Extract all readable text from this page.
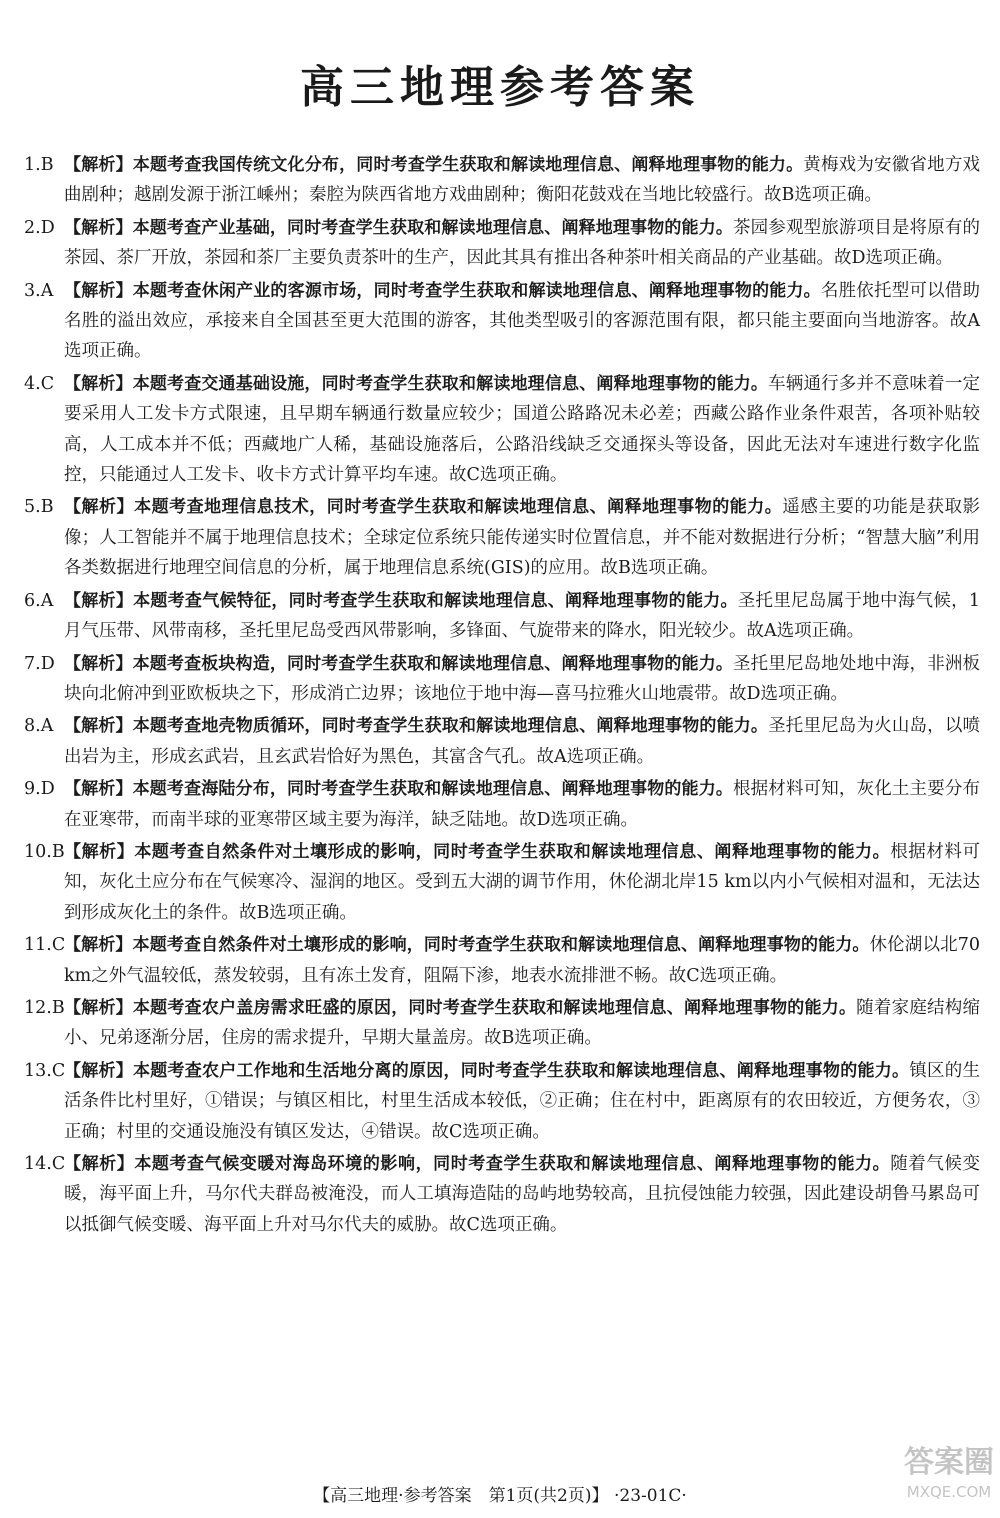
高三地理参考答案
1.B 【解析】本题考查我国传统文化分布，同时考查学生获取和解读地理信息、阐释地理事物的能力。黄梅戏为安徽省地方戏曲剧种；越剧发源于浙江嵊州；秦腔为陕西省地方戏曲剧种；衡阳花鼓戏在当地比较盛行。故B选项正确。
2.D 【解析】本题考查产业基础，同时考查学生获取和解读地理信息、阐释地理事物的能力。茶园参观型旅游项目是将原有的茶园、茶厂开放，茶园和茶厂主要负责茶叶的生产，因此其具有推出各种茶叶相关商品的产业基础。故D选项正确。
3.A 【解析】本题考查休闲产业的客源市场，同时考查学生获取和解读地理信息、阐释地理事物的能力。名胜依托型可以借助名胜的溢出效应，承接来自全国甚至更大范围的游客，其他类型吸引的客源范围有限，都只能主要面向当地游客。故A选项正确。
4.C 【解析】本题考查交通基础设施，同时考查学生获取和解读地理信息、阐释地理事物的能力。车辆通行多并不意味着一定要采用人工发卡方式限速，且早期车辆通行数量应较少；国道公路路况未必差；西藏公路作业条件艰苦，各项补贴较高，人工成本并不低；西藏地广人稀，基础设施落后，公路沿线缺乏交通探头等设备，因此无法对车速进行数字化监控，只能通过人工发卡、收卡方式计算平均车速。故C选项正确。
5.B 【解析】本题考查地理信息技术，同时考查学生获取和解读地理信息、阐释地理事物的能力。遥感主要的功能是获取影像；人工智能并不属于地理信息技术；全球定位系统只能传递实时位置信息，并不能对数据进行分析；“智慧大脑”利用各类数据进行地理空间信息的分析，属于地理信息系统(GIS)的应用。故B选项正确。
6.A 【解析】本题考查气候特征，同时考查学生获取和解读地理信息、阐释地理事物的能力。圣托里尼岛属于地中海气候，1月气压带、风带南移，圣托里尼岛受西风带影响，多锋面、气旋带来的降水，阳光较少。故A选项正确。
7.D 【解析】本题考查板块构造，同时考查学生获取和解读地理信息、阐释地理事物的能力。圣托里尼岛地处地中海，非洲板块向北俯冲到亚欧板块之下，形成消亡边界；该地位于地中海—喜马拉雅火山地震带。故D选项正确。
8.A 【解析】本题考查地壳物质循环，同时考查学生获取和解读地理信息、阐释地理事物的能力。圣托里尼岛为火山岛，以喷出岩为主，形成玄武岩，且玄武岩恰好为黑色，其富含气孔。故A选项正确。
9.D 【解析】本题考查海陆分布，同时考查学生获取和解读地理信息、阐释地理事物的能力。根据材料可知，灰化土主要分布在亚寒带，而南半球的亚寒带区域主要为海洋，缺乏陆地。故D选项正确。
10.B 【解析】本题考查自然条件对土壤形成的影响，同时考查学生获取和解读地理信息、阐释地理事物的能力。根据材料可知，灰化土应分布在气候寒冷、湿润的地区。受到五大湖的调节作用，休伦湖北岸15 km以内小气候相对温和，无法达到形成灰化土的条件。故B选项正确。
11.C
【解析】本题考查自然条件对土壤形成的影响，同时考查学生获取和解读地理信息、阐释地理事物的能力。休伦湖以北70 km之外气温较低，蒸发较弱，且有冻土发育，阻隔下渗，地表水流排泄不畅。故C选项正确。
12.B 【解析】本题考查农户盖房需求旺盛的原因，同时考查学生获取和解读地理信息、阐释地理事物的能力。随着家庭结构缩小、兄弟逐渐分居，住房的需求提升，早期大量盖房。故B选项正确。
13.C
【解析】本题考查农户工作地和生活地分离的原因，同时考查学生获取和解读地理信息、阐释地理事物的能力。镇区的生活条件比村里好，①错误；与镇区相比，村里生活成本较低，②正确；住在村中，距离原有的农田较近，方便务农，③正确；村里的交通设施没有镇区发达，④错误。故C选项正确。
14.C
【解析】本题考查气候变暖对海岛环境的影响，同时考查学生获取和解读地理信息、阐释地理事物的能力。随着气候变暖，海平面上升，马尔代夫群岛被淹没，而人工填海造陆的岛屿地势较高，且抗侵蚀能力较强，因此建设胡鲁马累岛可以抵御气候变暖、海平面上升对马尔代夫的威胁。故C选项正确。
【高三地理·参考答案　第1页(共2页)】 ·23-01C·
答案圈
MXQE.COM
